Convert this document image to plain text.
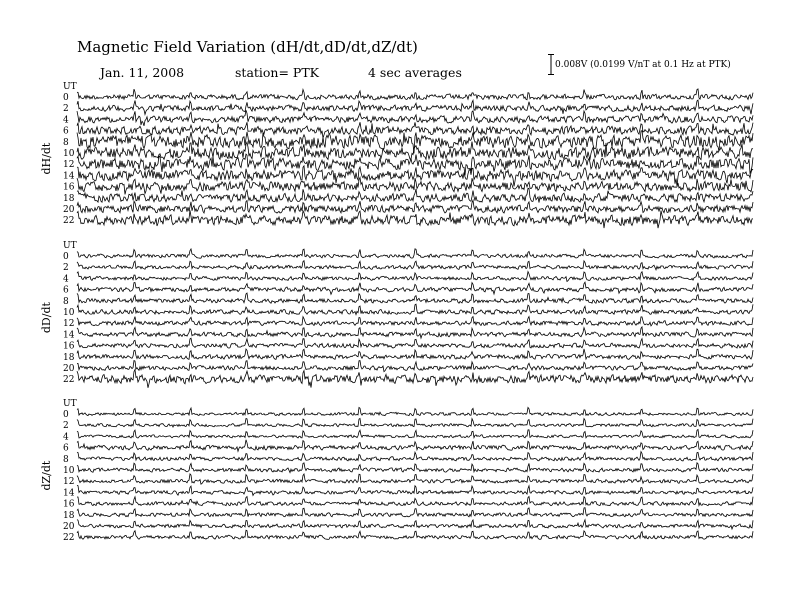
Magnetic Field Variation (dH/dt,dD/dt,dZ/dt)
Jan. 11, 2008	station= PTK	4 sec averages	0.008V (0.0199 V/nT at 0.1 Hz at PTK)
UT
dH/dt
0
2
4
6
8
10
12
14
16
18
20
22
UT
dD/dt
0
2
4
6
8
10
12
14
16
18
20
22
UT
dZ/dt
0
2
4
6
8
10
12
14
16
18
20
22
